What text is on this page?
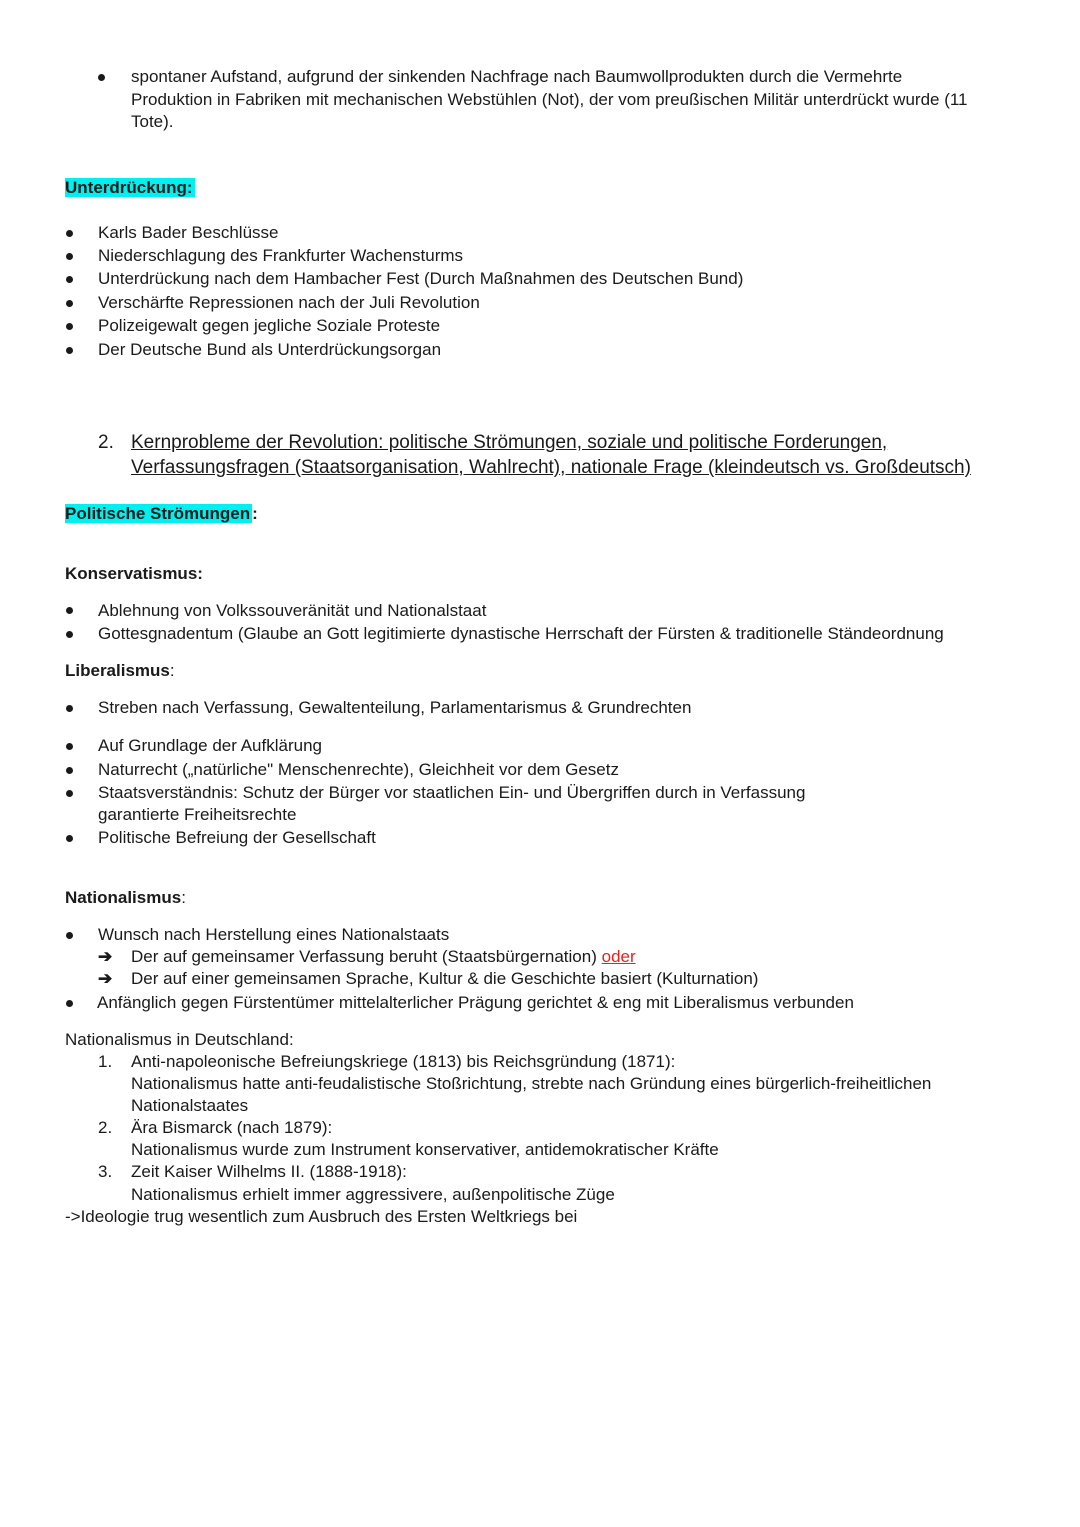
spontaner Aufstand, aufgrund der sinkenden Nachfrage nach Baumwollprodukten durch die Vermehrte
Produktion in Fabriken mit mechanischen Webstühlen (Not), der vom preußischen Militär unterdrückt wurde (11
Tote).
Unterdrückung:
Karls Bader Beschlüsse
Niederschlagung des Frankfurter Wachensturms
Unterdrückung nach dem Hambacher Fest (Durch Maßnahmen des Deutschen Bund)
Verschärfte Repressionen nach der Juli Revolution
Polizeigewalt gegen jegliche Soziale Proteste
Der Deutsche Bund als Unterdrückungsorgan
2. Kernprobleme der Revolution: politische Strömungen, soziale und politische Forderungen,
Verfassungsfragen (Staatsorganisation, Wahlrecht), nationale Frage (kleindeutsch vs. Großdeutsch)
Politische Strömungen :
Konservatismus:
Ablehnung von Volkssouveränität und Nationalstaat
Gottesgnadentum (Glaube an Gott legitimierte dynastische Herrschaft der Fürsten & traditionelle Ständeordnung
Liberalismus:
Streben nach Verfassung, Gewaltenteilung, Parlamentarismus & Grundrechten
Auf Grundlage der Aufklärung
Naturrecht („natürliche" Menschenrechte), Gleichheit vor dem Gesetz
Staatsverständnis: Schutz der Bürger vor staatlichen Ein- und Übergriffen durch in Verfassung
garantierte Freiheitsrechte
Politische Befreiung der Gesellschaft
Nationalismus:
Wunsch nach Herstellung eines Nationalstaats
➔ Der auf gemeinsamer Verfassung beruht (Staatsbürgernation) oder
➔ Der auf einer gemeinsamen Sprache, Kultur & die Geschichte basiert (Kulturnation)
Anfänglich gegen Fürstentümer mittelalterlicher Prägung gerichtet & eng mit Liberalismus verbunden
Nationalismus in Deutschland:
1. Anti-napoleonische Befreiungskriege (1813) bis Reichsgründung (1871):
Nationalismus hatte anti-feudalistische Stoßrichtung, strebte nach Gründung eines bürgerlich-freiheitlichen
Nationalstaates
2. Ära Bismarck (nach 1879):
Nationalismus wurde zum Instrument konservativer, antidemokratischer Kräfte
3. Zeit Kaiser Wilhelms II. (1888-1918):
Nationalismus erhielt immer aggressivere, außenpolitische Züge
->Ideologie trug wesentlich zum Ausbruch des Ersten Weltkriegs bei
